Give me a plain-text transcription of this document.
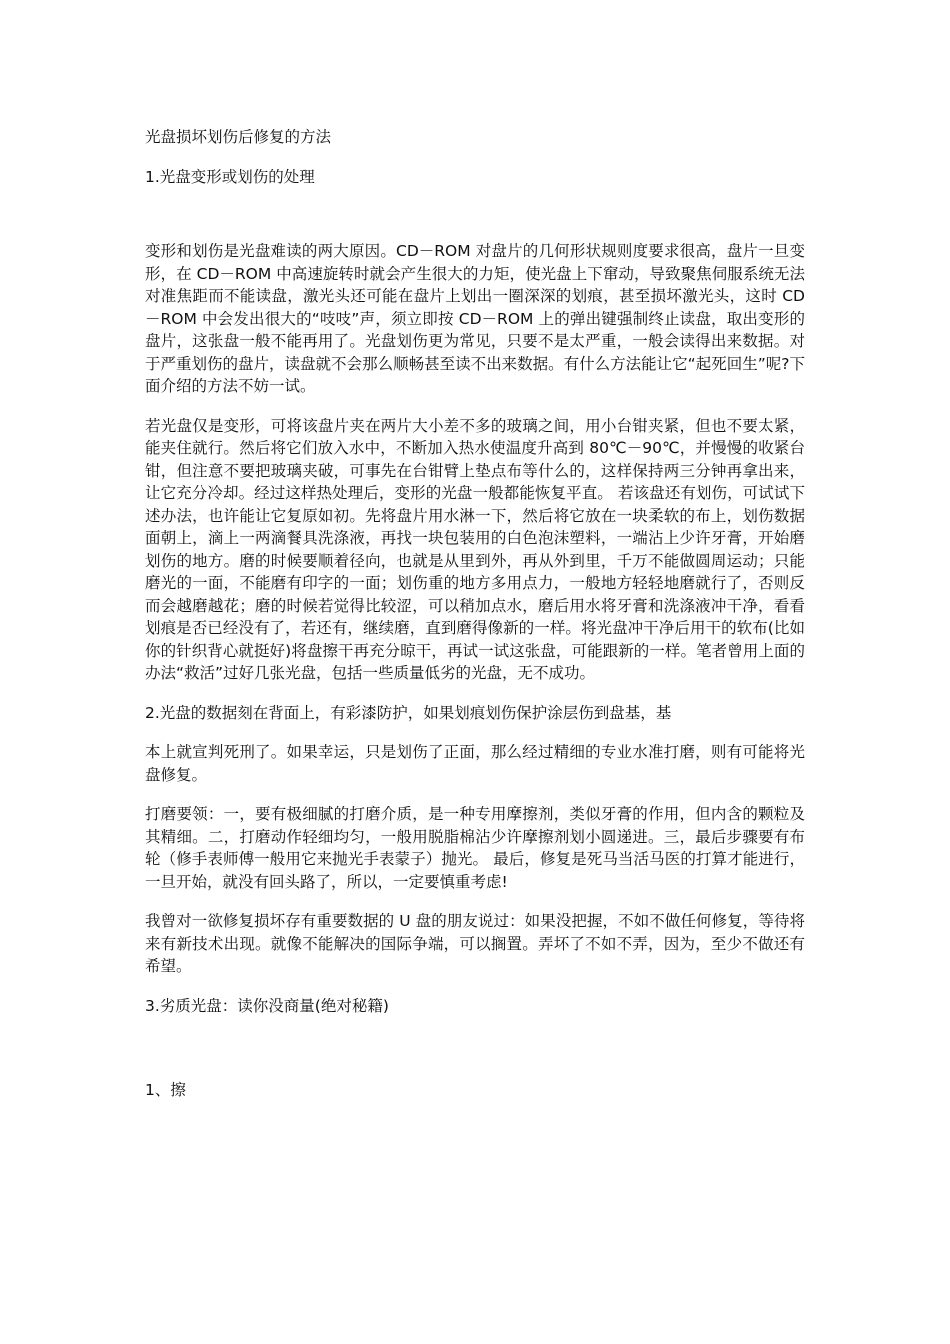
光盘损坏划伤后修复的方法

1.光盘变形或划伤的处理

变形和划伤是光盘难读的两大原因。CD－ROM 对盘片的几何形状规则度要求很高，盘片一旦变形，在 CD－ROM 中高速旋转时就会产生很大的力矩，使光盘上下窜动，导致聚焦伺服系统无法对准焦距而不能读盘，激光头还可能在盘片上划出一圈深深的划痕，甚至损坏激光头，这时 CD－ROM 中会发出很大的“吱吱”声，须立即按 CD－ROM 上的弹出键强制终止读盘，取出变形的盘片，这张盘一般不能再用了。光盘划伤更为常见，只要不是太严重，一般会读得出来数据。对于严重划伤的盘片，读盘就不会那么顺畅甚至读不出来数据。有什么方法能让它“起死回生”呢?下面介绍的方法不妨一试。

若光盘仅是变形，可将该盘片夹在两片大小差不多的玻璃之间，用小台钳夹紧，但也不要太紧，能夹住就行。然后将它们放入水中，不断加入热水使温度升高到 80℃－90℃，并慢慢的收紧台钳，但注意不要把玻璃夹破，可事先在台钳臂上垫点布等什么的，这样保持两三分钟再拿出来，让它充分冷却。经过这样热处理后，变形的光盘一般都能恢复平直。 若该盘还有划伤，可试试下述办法，也许能让它复原如初。先将盘片用水淋一下，然后将它放在一块柔软的布上，划伤数据面朝上，滴上一两滴餐具洗涤液，再找一块包装用的白色泡沫塑料，一端沾上少许牙膏，开始磨划伤的地方。磨的时候要顺着径向，也就是从里到外，再从外到里，千万不能做圆周运动；只能磨光的一面，不能磨有印字的一面；划伤重的地方多用点力，一般地方轻轻地磨就行了，否则反而会越磨越花；磨的时候若觉得比较涩，可以稍加点水，磨后用水将牙膏和洗涤液冲干净，看看划痕是否已经没有了，若还有，继续磨，直到磨得像新的一样。将光盘冲干净后用干的软布(比如你的针织背心就挺好)将盘擦干再充分晾干，再试一试这张盘，可能跟新的一样。笔者曾用上面的办法“救活”过好几张光盘，包括一些质量低劣的光盘，无不成功。

2.光盘的数据刻在背面上，有彩漆防护，如果划痕划伤保护涂层伤到盘基，基

本上就宣判死刑了。如果幸运，只是划伤了正面，那么经过精细的专业水准打磨，则有可能将光盘修复。

打磨要领：一，要有极细腻的打磨介质，是一种专用摩擦剂，类似牙膏的作用，但内含的颗粒及其精细。二，打磨动作轻细均匀，一般用脱脂棉沾少许摩擦剂划小圆递进。三，最后步骤要有布轮（修手表师傅一般用它来抛光手表蒙子）抛光。 最后，修复是死马当活马医的打算才能进行，一旦开始，就没有回头路了，所以，一定要慎重考虑!

我曾对一欲修复损坏存有重要数据的 U 盘的朋友说过：如果没把握，不如不做任何修复，等待将来有新技术出现。就像不能解决的国际争端，可以搁置。弄坏了不如不弄，因为，至少不做还有希望。

3.劣质光盘：读你没商量(绝对秘籍)

1、擦
